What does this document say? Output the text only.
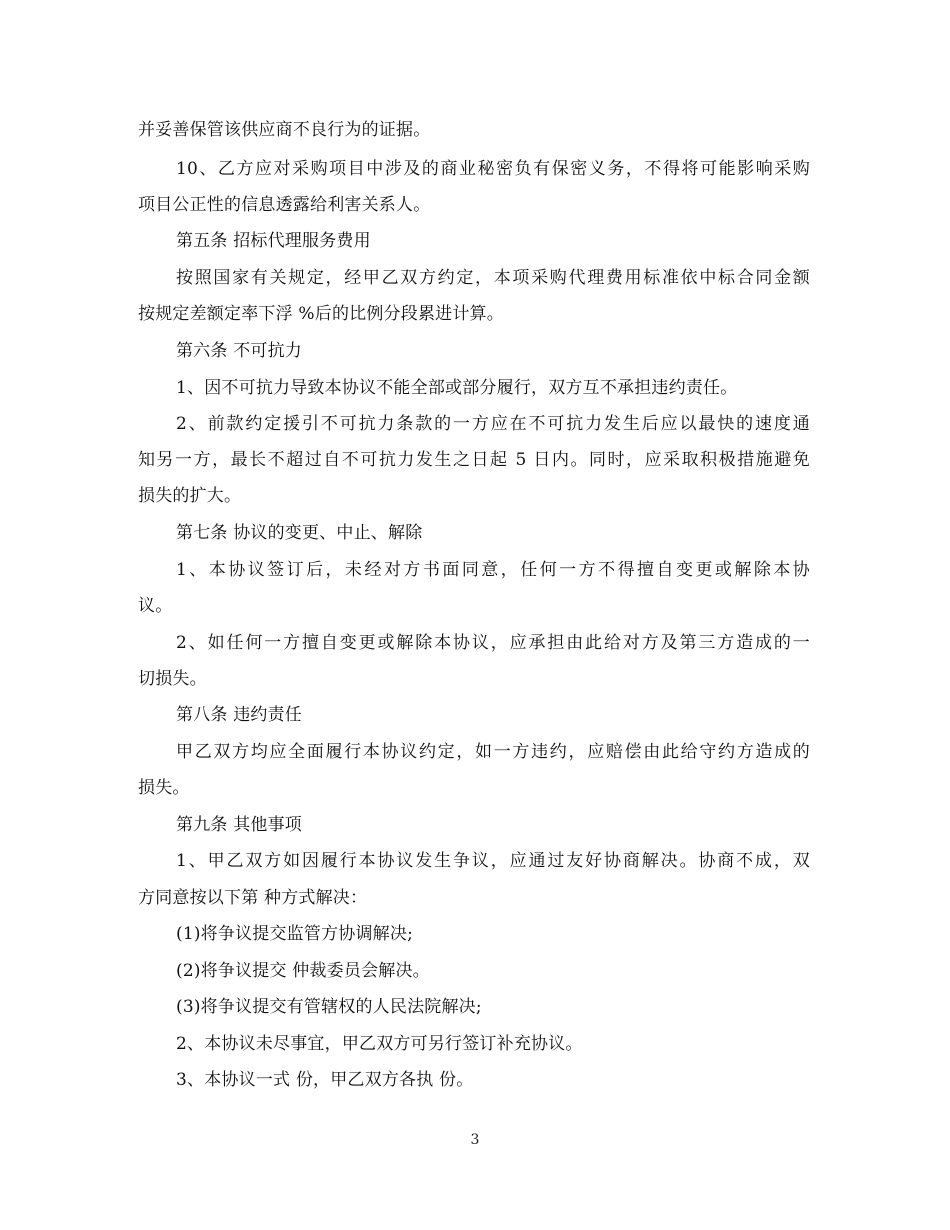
并妥善保管该供应商不良行为的证据。
10、乙方应对采购项目中涉及的商业秘密负有保密义务，不得将可能影响采购
项目公正性的信息透露给利害关系人。
第五条 招标代理服务费用
按照国家有关规定，经甲乙双方约定，本项采购代理费用标准依中标合同金额
按规定差额定率下浮 %后的比例分段累进计算。
第六条 不可抗力
1、因不可抗力导致本协议不能全部或部分履行，双方互不承担违约责任。
2、前款约定援引不可抗力条款的一方应在不可抗力发生后应以最快的速度通
知另一方，最长不超过自不可抗力发生之日起 5 日内。同时，应采取积极措施避免
损失的扩大。
第七条 协议的变更、中止、解除
1、本协议签订后，未经对方书面同意，任何一方不得擅自变更或解除本协
议。
2、如任何一方擅自变更或解除本协议，应承担由此给对方及第三方造成的一
切损失。
第八条 违约责任
甲乙双方均应全面履行本协议约定，如一方违约，应赔偿由此给守约方造成的
损失。
第九条 其他事项
1、甲乙双方如因履行本协议发生争议，应通过友好协商解决。协商不成，双
方同意按以下第 种方式解决：
(1)将争议提交监管方协调解决;
(2)将争议提交 仲裁委员会解决。
(3)将争议提交有管辖权的人民法院解决;
2、本协议未尽事宜，甲乙双方可另行签订补充协议。
3、本协议一式 份，甲乙双方各执 份。
3
